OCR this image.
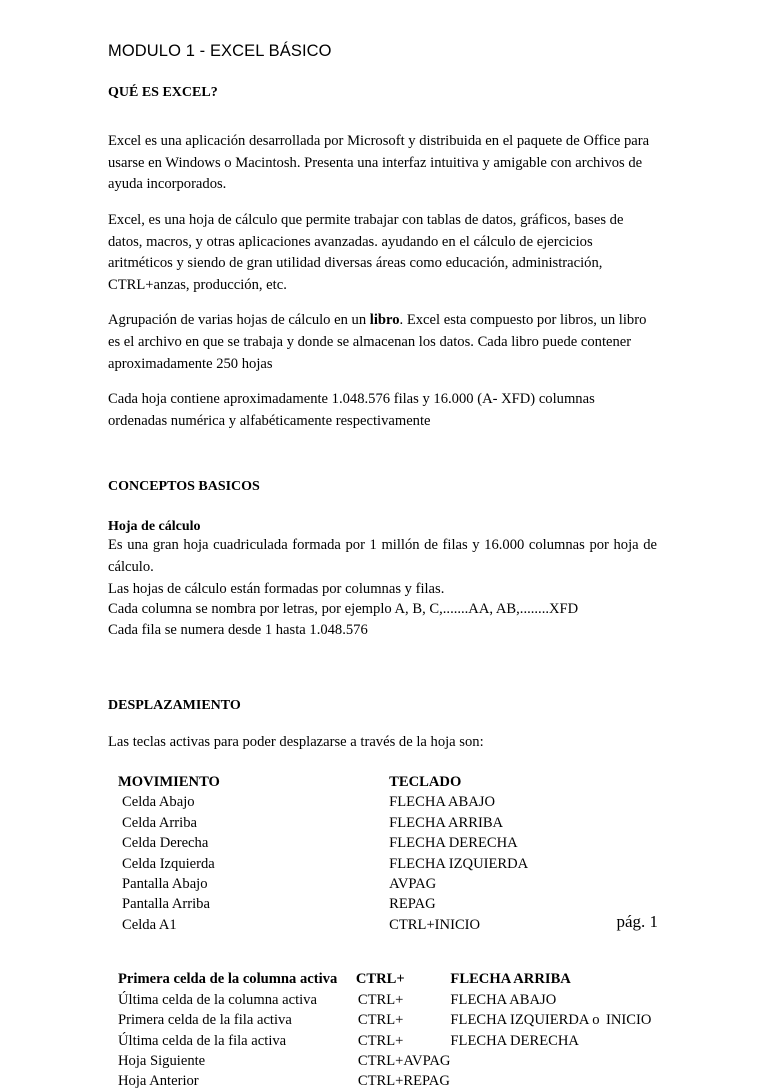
MODULO 1 - EXCEL BÁSICO
QUÉ ES EXCEL?

Excel es una aplicación desarrollada por Microsoft y distribuida en el paquete de Office para usarse en Windows o Macintosh. Presenta una interfaz intuitiva y amigable con archivos de ayuda incorporados.

Excel, es una hoja de cálculo que permite trabajar con tablas de datos, gráficos, bases de datos, macros, y otras aplicaciones avanzadas. ayudando en el cálculo de ejercicios aritméticos y siendo de gran utilidad diversas áreas como educación, administración, CTRL+anzas, producción, etc.

Agrupación de varias hojas de cálculo en un libro. Excel esta compuesto por libros, un libro es el archivo en que se trabaja y donde se almacenan los datos. Cada libro puede contener aproximadamente 250 hojas

Cada hoja contiene aproximadamente 1.048.576 filas y 16.000 (A- XFD) columnas ordenadas numérica y alfabéticamente respectivamente

CONCEPTOS BASICOS
Hoja de cálculo

Es una gran hoja cuadriculada formada por 1 millón de filas y 16.000 columnas por hoja de cálculo.

Las hojas de cálculo están formadas por columnas y filas.

Cada columna se nombra por letras, por ejemplo A, B, C,.......AA, AB,........XFD

Cada fila se numera desde 1 hasta 1.048.576

DESPLAZAMIENTO

Las teclas activas para poder desplazarse a través de la hoja son:

MOVIMIENTO	TECLADO
Celda Abajo	FLECHA ABAJO
Celda Arriba	FLECHA ARRIBA
Celda Derecha	FLECHA DERECHA
Celda Izquierda	FLECHA IZQUIERDA
Pantalla Abajo	AVPAG
Pantalla Arriba	REPAG
Celda A1	CTRL+INICIO
Primera celda de la columna activa	CTRL+	FLECHA ARRIBA	
Última celda de la columna activa	CTRL+	FLECHA ABAJO	
Primera celda de la fila activa	CTRL+	FLECHA IZQUIERDA o	INICIO
Última celda de la fila activa	CTRL+	FLECHA DERECHA	
Hoja Siguiente	CTRL+AVPAG		
Hoja Anterior	CTRL+REPAG		
pág. 1
